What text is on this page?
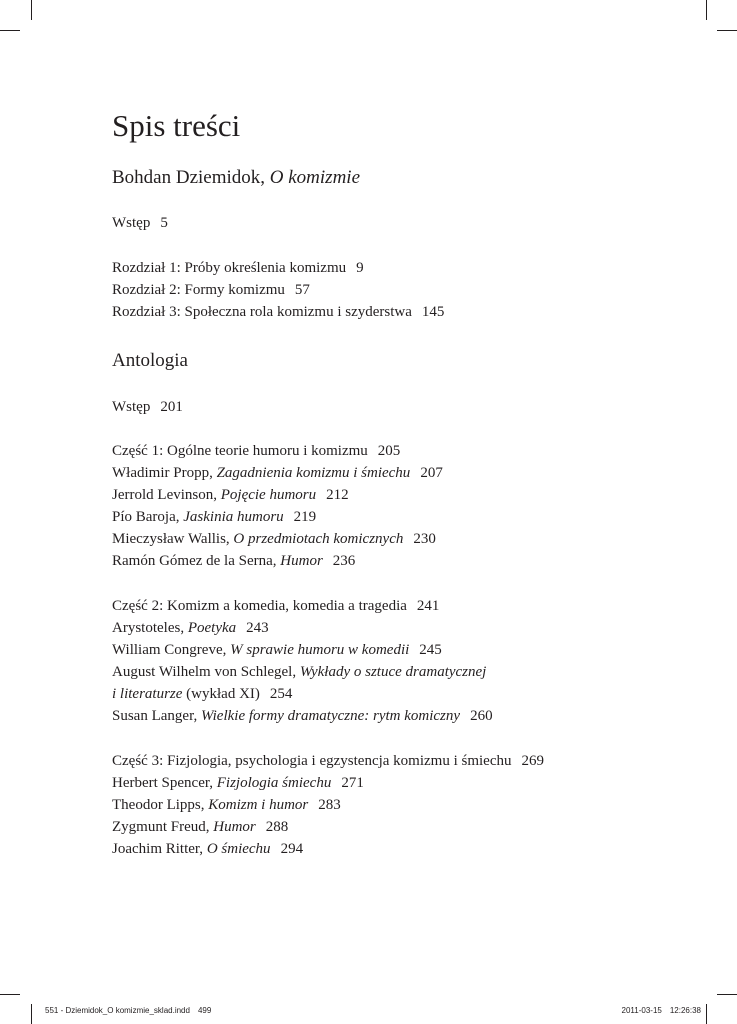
Spis treści
Bohdan Dziemidok, O komizmie
Wstęp 5
Rozdział 1: Próby określenia komizmu 9
Rozdział 2: Formy komizmu 57
Rozdział 3: Społeczna rola komizmu i szyderstwa 145
Antologia
Wstęp 201
Część 1: Ogólne teorie humoru i komizmu 205
Władimir Propp, Zagadnienia komizmu i śmiechu 207
Jerrold Levinson, Pojęcie humoru 212
Pío Baroja, Jaskinia humoru 219
Mieczysław Wallis, O przedmiotach komicznych 230
Ramón Gómez de la Serna, Humor 236
Część 2: Komizm a komedia, komedia a tragedia 241
Arystoteles, Poetyka 243
William Congreve, W sprawie humoru w komedii 245
August Wilhelm von Schlegel, Wykłady o sztuce dramatycznej
i literaturze (wykład XI) 254
Susan Langer, Wielkie formy dramatyczne: rytm komiczny 260
Część 3: Fizjologia, psychologia i egzystencja komizmu i śmiechu 269
Herbert Spencer, Fizjologia śmiechu 271
Theodor Lipps, Komizm i humor 283
Zygmunt Freud, Humor 288
Joachim Ritter, O śmiechu 294
551 - Dziemidok_O komizmie_sklad.indd 499	2011-03-15 12:26:38
